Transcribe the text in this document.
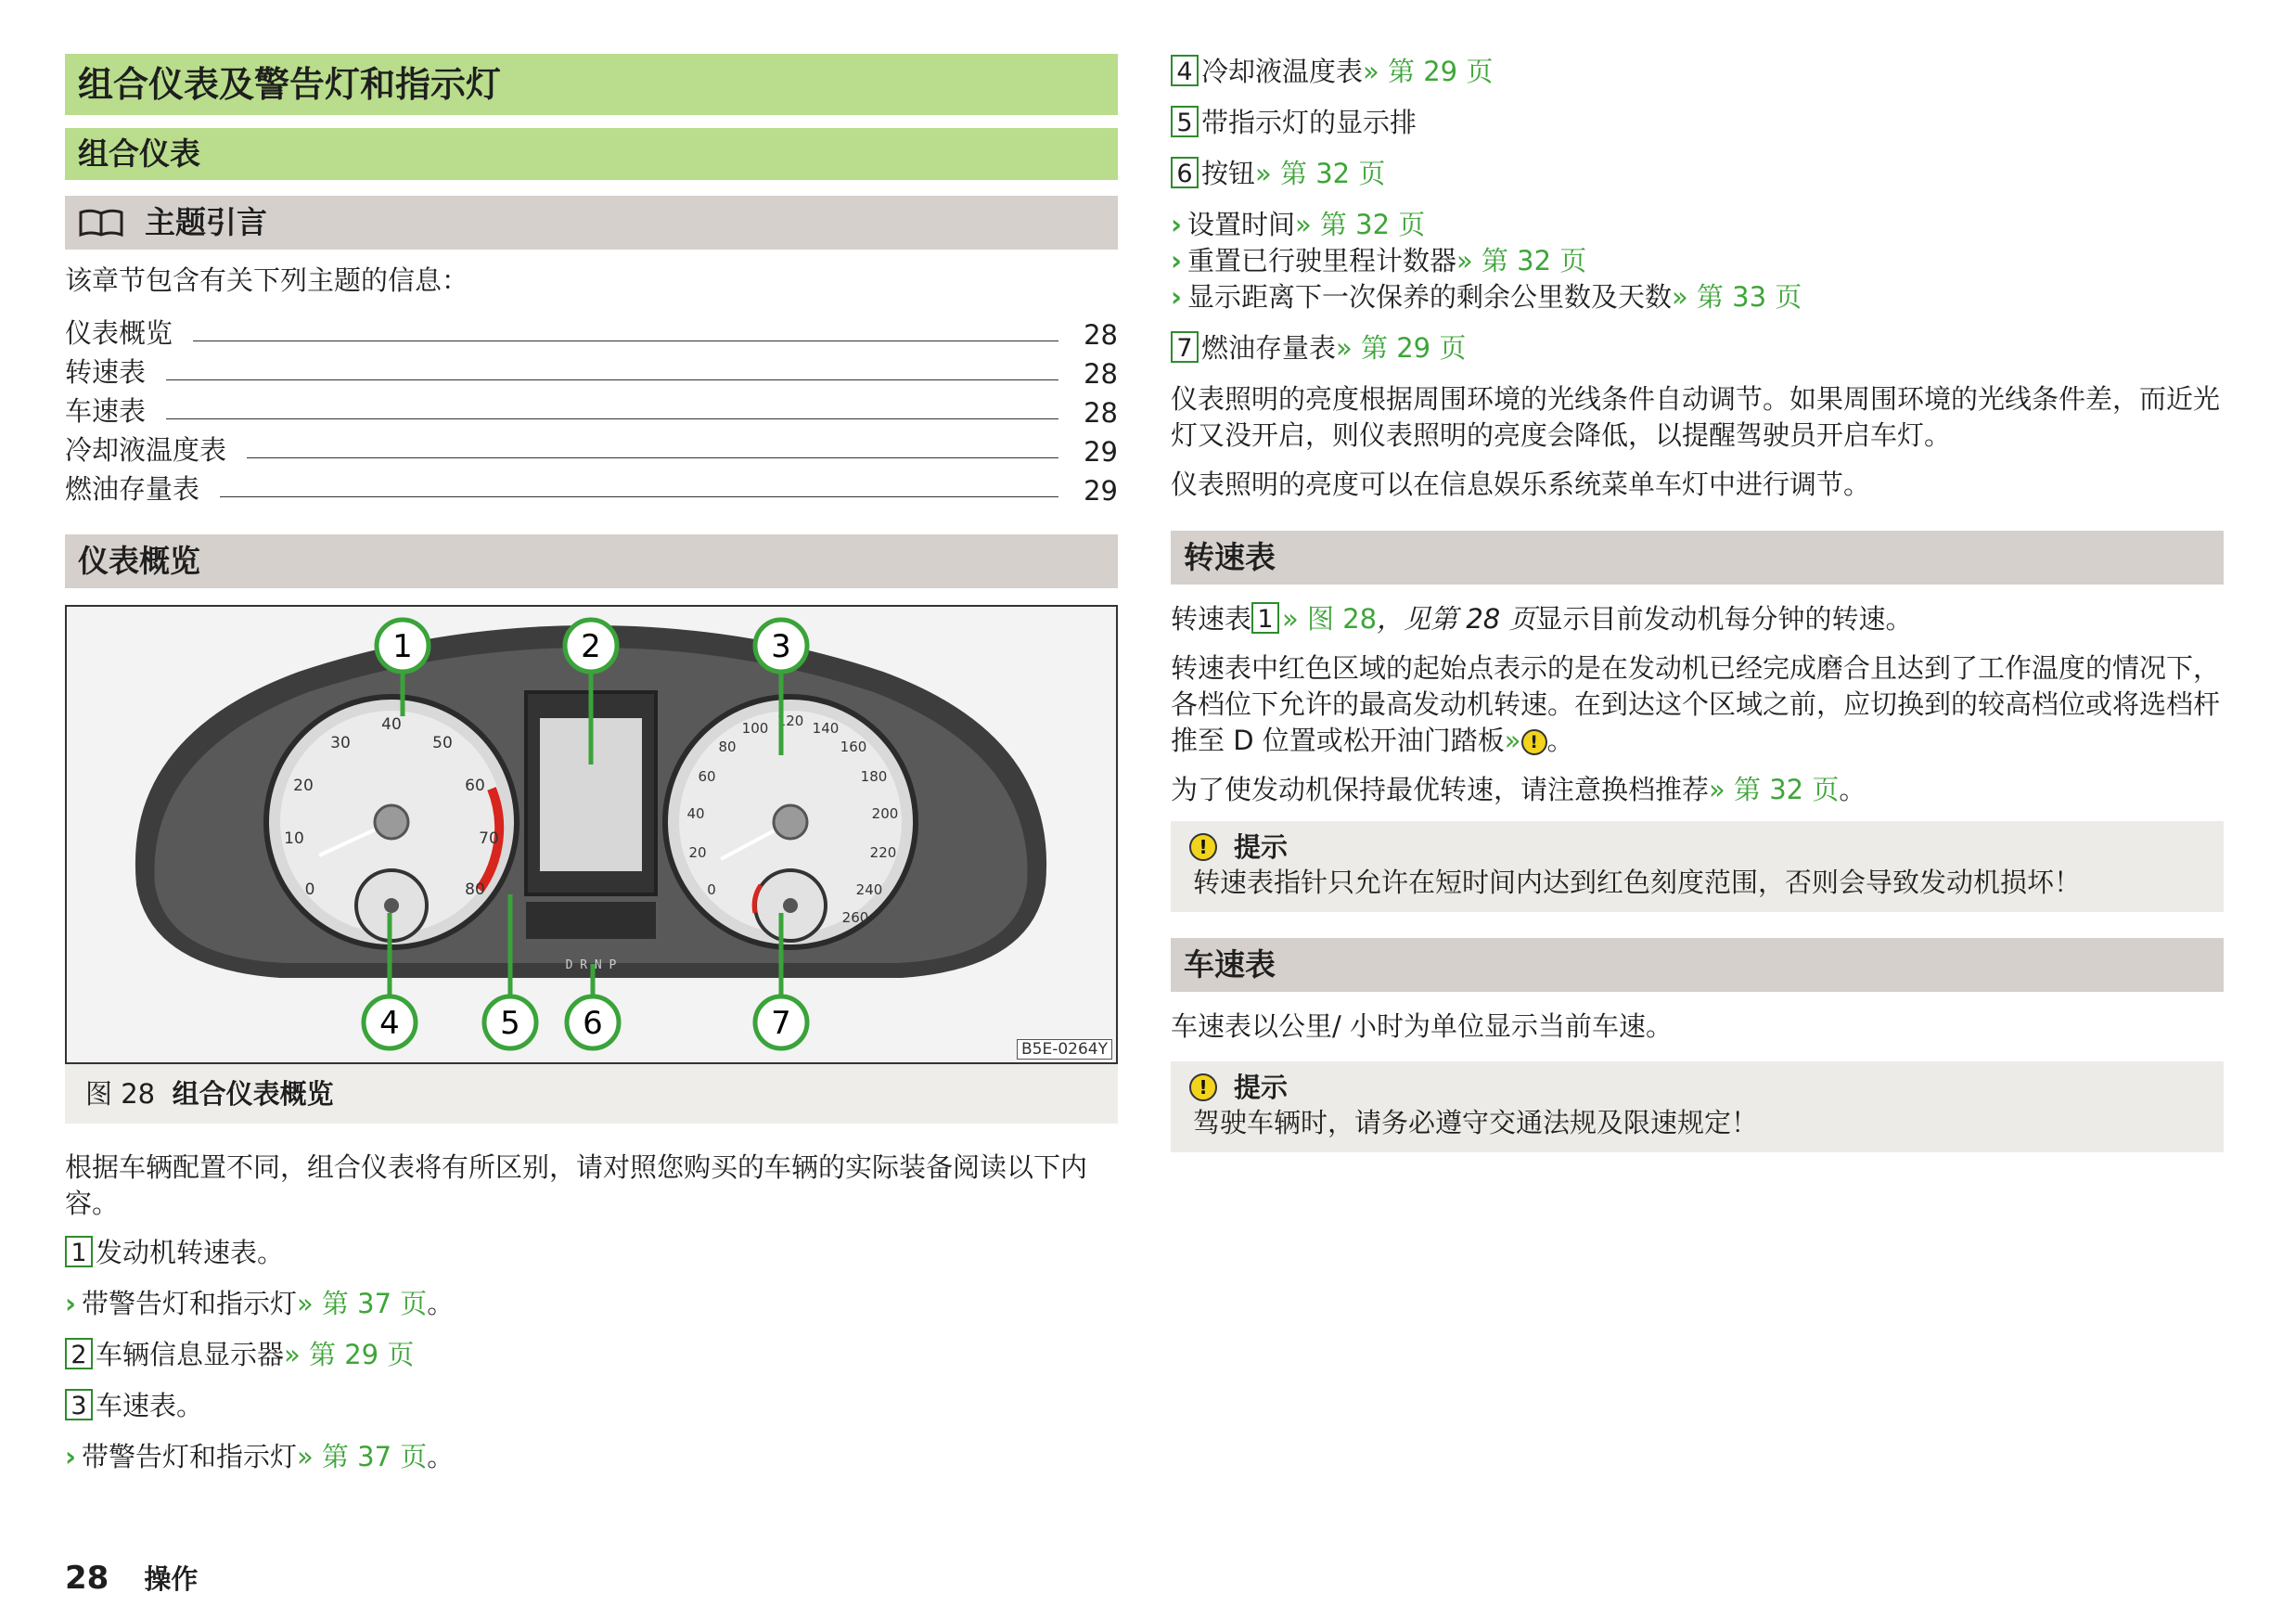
组合仪表及警告灯和指示灯
组合仪表
主题引言

该章节包含有关下列主题的信息：

仪表概览	28
转速表	28
车速表	28
冷却液温度表	29
燃油存量表	29
仪表概览
0
10
20
30
40
50
60
70
80	0
20
40
60
80
100 120 140
160
180
200
220
240
260
D R N P
1	2	3
4	5 6	7
B5E-0264Y
图 28 组合仪表概览

根据车辆配置不同，组合仪表将有所区别，请对照您购买的车辆的实际装备阅读以下内容。

1 发动机转速表。
› 带警告灯和指示灯» 第 37 页。
2 车辆信息显示器» 第 29 页
3 车速表。
› 带警告灯和指示灯» 第 37 页。
4 冷却液温度表» 第 29 页
5 带指示灯的显示排
6 按钮» 第 32 页
› 设置时间» 第 32 页
› 重置已行驶里程计数器» 第 32 页
› 显示距离下一次保养的剩余公里数及天数» 第 33 页
7 燃油存量表» 第 29 页

仪表照明的亮度根据周围环境的光线条件自动调节。如果周围环境的光线条件差，而近光灯又没开启，则仪表照明的亮度会降低，以提醒驾驶员开启车灯。

仪表照明的亮度可以在信息娱乐系统菜单车灯中进行调节。

转速表

转速表 1 » 图 28，见第 28 页显示目前发动机每分钟的转速。

转速表中红色区域的起始点表示的是在发动机已经完成磨合且达到了工作温度的情况下，各档位下允许的最高发动机转速。在到达这个区域之前，应切换到的较高档位或将选档杆推至 D 位置或松开油门踏板» ! 。

为了使发动机保持最优转速，请注意换档推荐» 第 32 页。

! 提示
转速表指针只允许在短时间内达到红色刻度范围，否则会导致发动机损坏！
车速表

车速表以公里/ 小时为单位显示当前车速。

! 提示
驾驶车辆时，请务必遵守交通法规及限速规定！
28 操作
